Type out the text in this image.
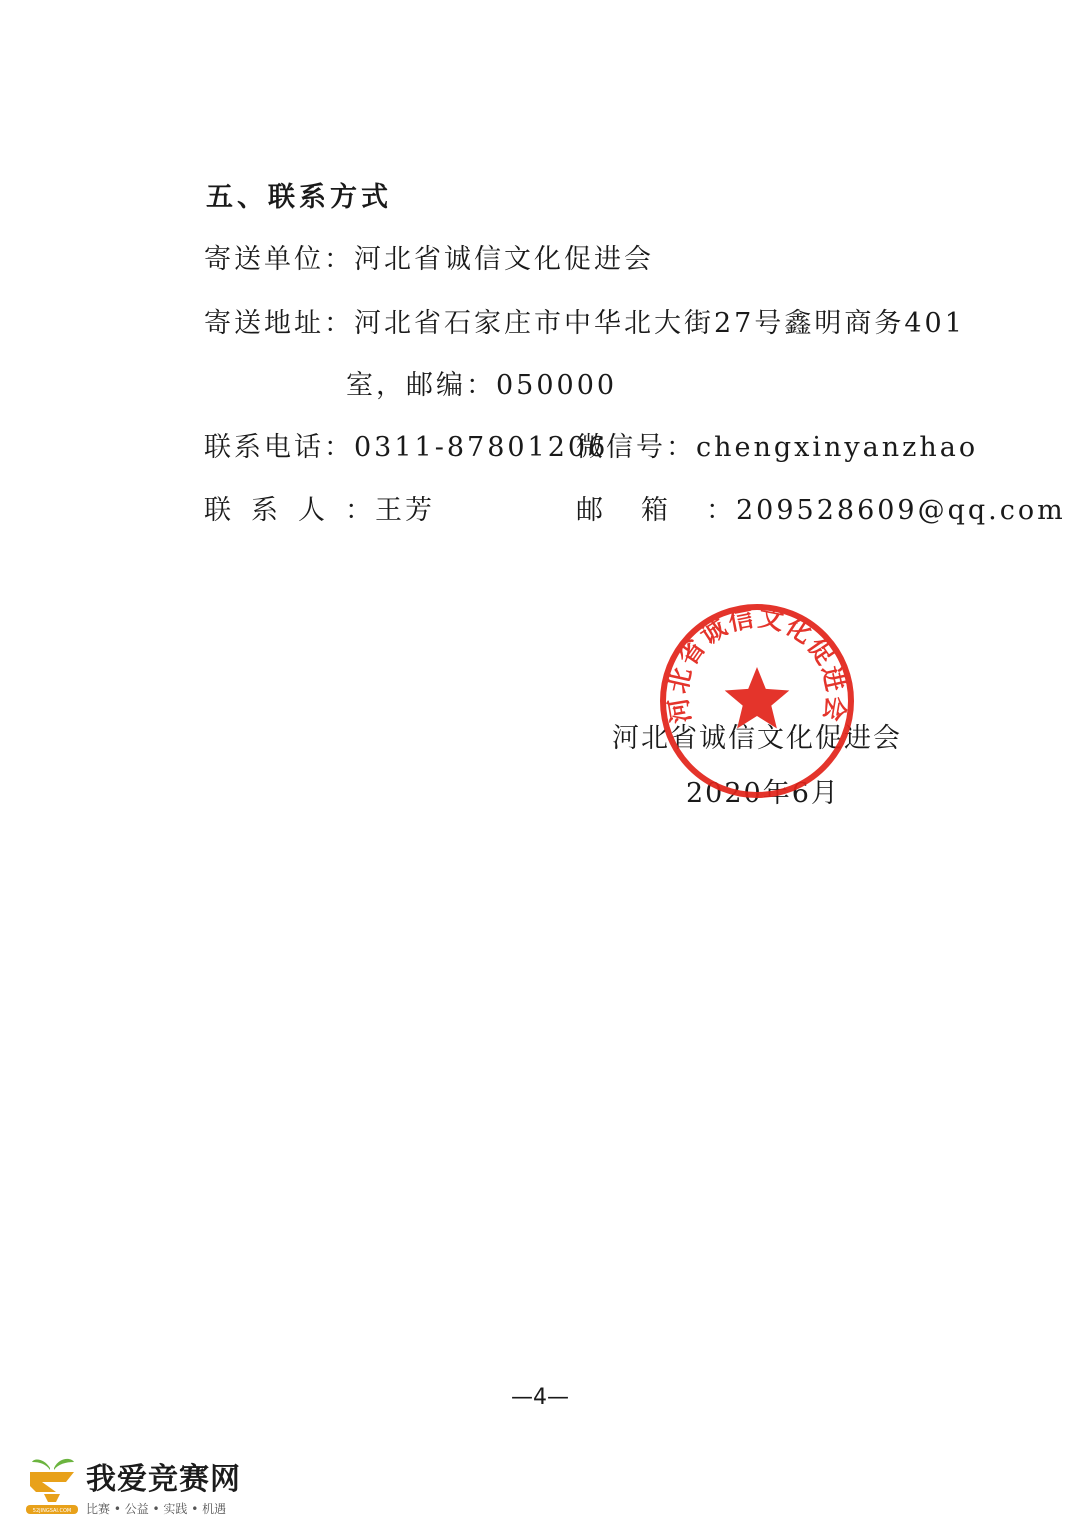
五、联系方式
寄送单位：河北省诚信文化促进会
寄送地址：河北省石家庄市中华北大街27号鑫明商务401
室，邮编：050000
联系电话：0311-87801206
微信号：chengxinyanzhao
联系人：王芳	邮箱：209528609@qq.com
河北省诚信文化促进会
2020年6月
河北省诚信文化促进会
—4—
52JINGSAI.COM
我爱竞赛网
比赛 • 公益 • 实践 • 机遇
